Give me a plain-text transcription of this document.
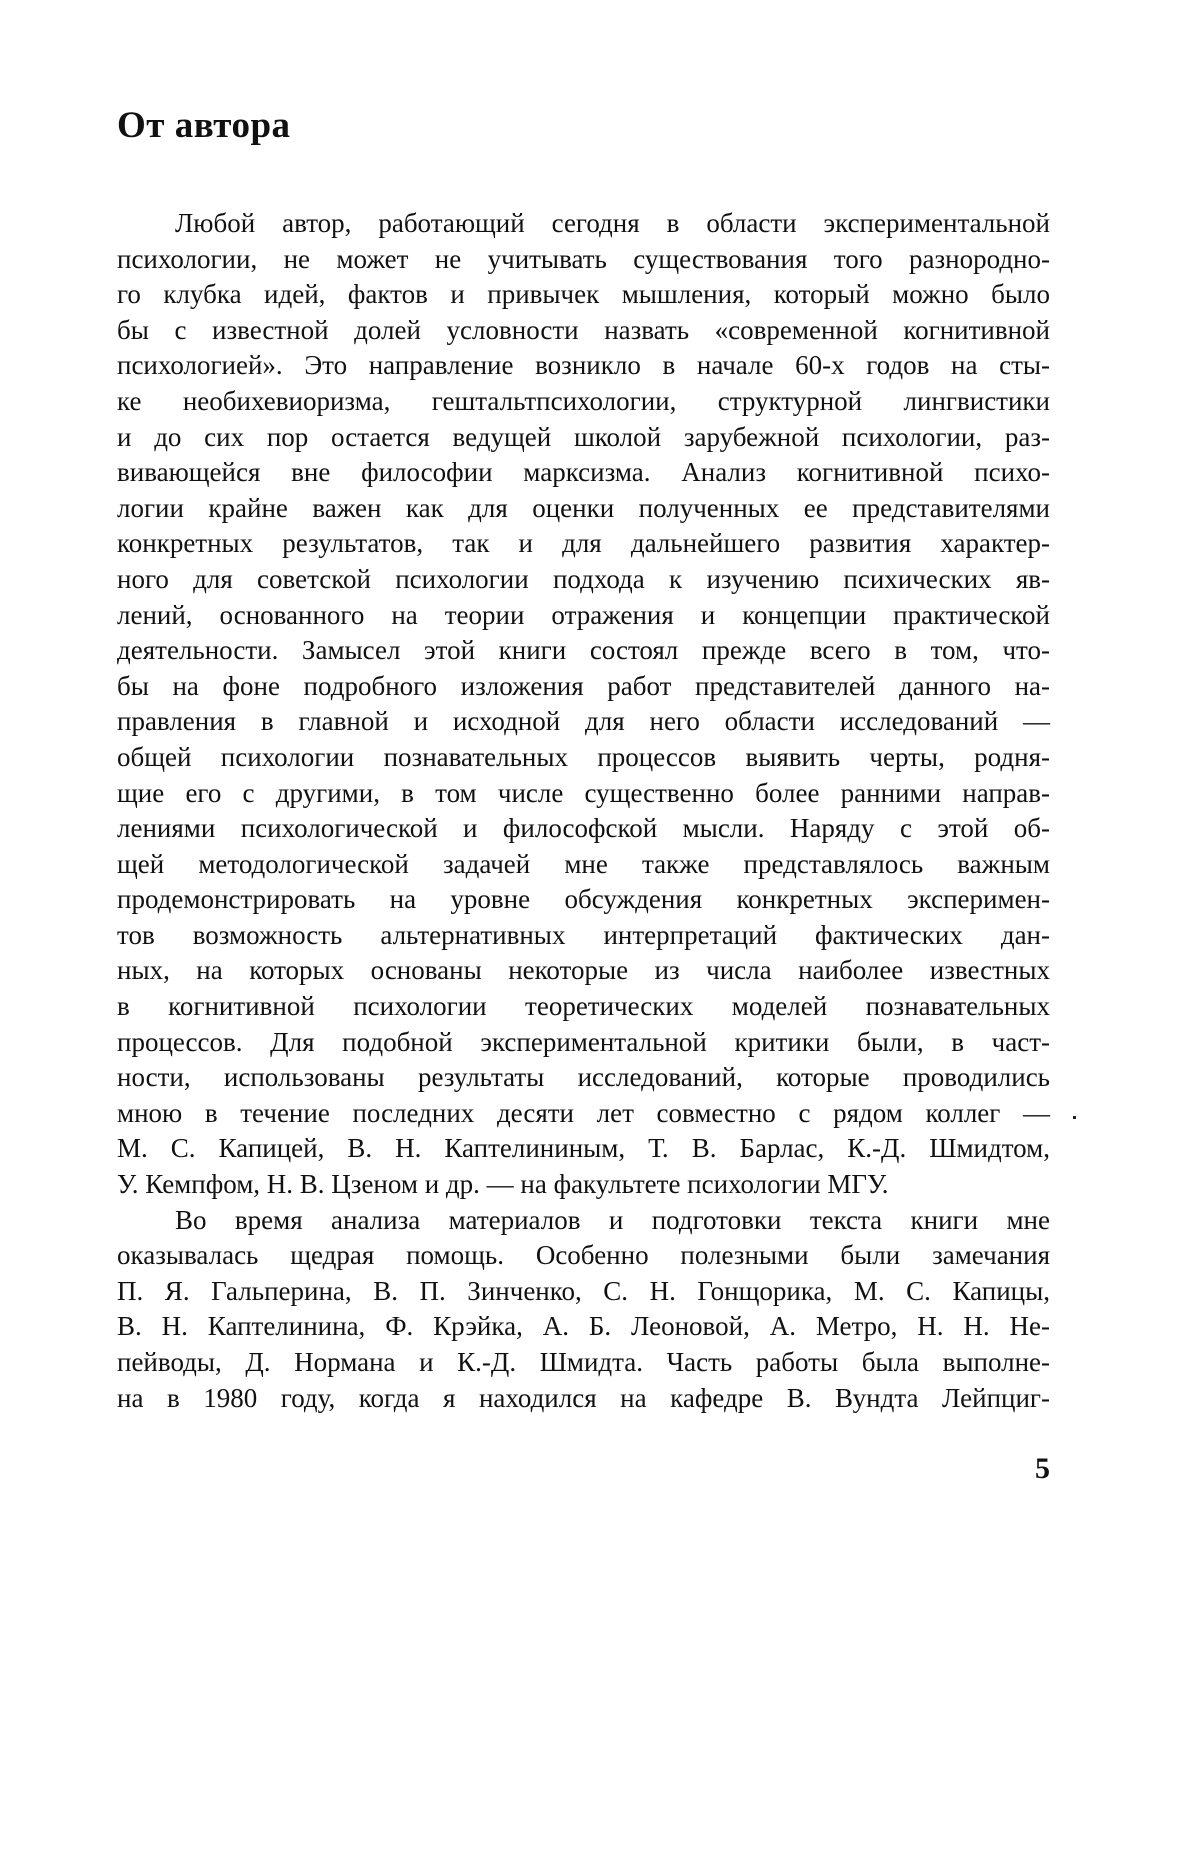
От автора
Любой автор, работающий сегодня в области экспериментальной
психологии, не может не учитывать существования того разнородно-
го клубка идей, фактов и привычек мышления, который можно было
бы с известной долей условности назвать «современной когнитивной
психологией». Это направление возникло в начале 60-х годов на сты-
ке необихевиоризма, гештальтпсихологии, структурной лингвистики
и до сих пор остается ведущей школой зарубежной психологии, раз-
вивающейся вне философии марксизма. Анализ когнитивной психо-
логии крайне важен как для оценки полученных ее представителями
конкретных результатов, так и для дальнейшего развития характер-
ного для советской психологии подхода к изучению психических яв-
лений, основанного на теории отражения и концепции практической
деятельности. Замысел этой книги состоял прежде всего в том, что-
бы на фоне подробного изложения работ представителей данного на-
правления в главной и исходной для него области исследований —
общей психологии познавательных процессов выявить черты, родня-
щие его с другими, в том числе существенно более ранними направ-
лениями психологической и философской мысли. Наряду с этой об-
щей методологической задачей мне также представлялось важным
продемонстрировать на уровне обсуждения конкретных эксперимен-
тов возможность альтернативных интерпретаций фактических дан-
ных, на которых основаны некоторые из числа наиболее известных
в когнитивной психологии теоретических моделей познавательных
процессов. Для подобной экспериментальной критики были, в част-
ности, использованы результаты исследований, которые проводились
мною в течение последних десяти лет совместно с рядом коллег —
М. С. Капицей, В. Н. Каптелининым, Т. В. Барлас, К.-Д. Шмидтом,
У. Кемпфом, Н. В. Цзеном и др. — на факультете психологии МГУ.
Во время анализа материалов и подготовки текста книги мне
оказывалась щедрая помощь. Особенно полезными были замечания
П. Я. Гальперина, В. П. Зинченко, С. Н. Гонщорика, М. С. Капицы,
В. Н. Каптелинина, Ф. Крэйка, А. Б. Леоновой, А. Метро, Н. Н. Не-
пейводы, Д. Нормана и К.-Д. Шмидта. Часть работы была выполне-
на в 1980 году, когда я находился на кафедре В. Вундта Лейпциг-
5
